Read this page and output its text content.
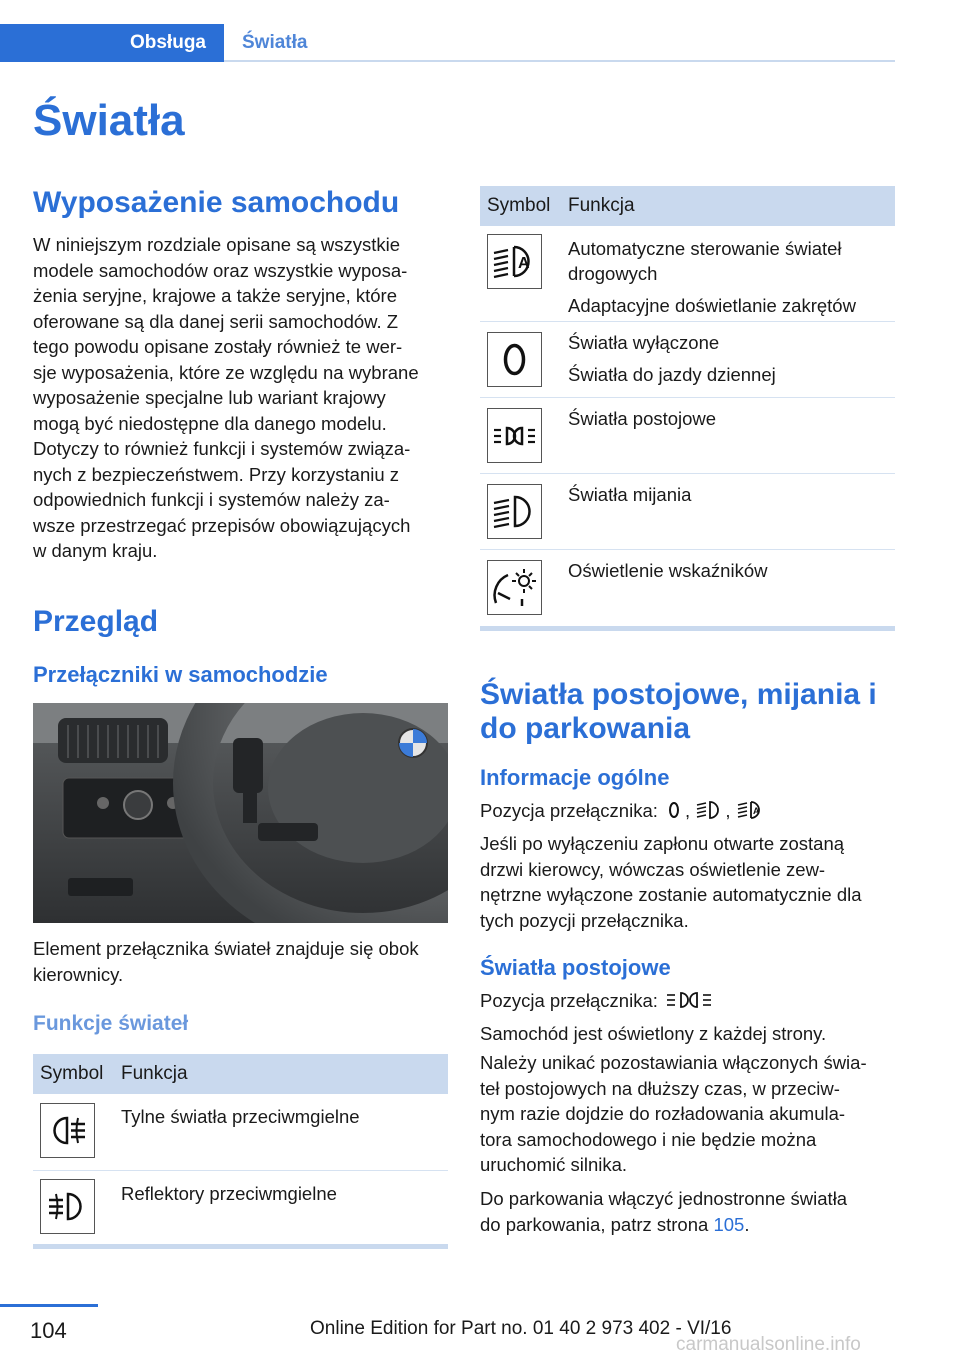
Obsługa Światła
Światła
Wyposażenie samochodu
W niniejszym rozdziale opisane są wszystkie
modele samochodów oraz wszystkie wyposa‐
żenia seryjne, krajowe a także seryjne, które
oferowane są dla danej serii samochodów. Z
tego powodu opisane zostały również te wer‐
sje wyposażenia, które ze względu na wybrane
wyposażenie specjalne lub wariant krajowy
mogą być niedostępne dla danego modelu.
Dotyczy to również funkcji i systemów związa‐
nych z bezpieczeństwem. Przy korzystaniu z
odpowiednich funkcji i systemów należy za‐
wsze przestrzegać przepisów obowiązujących
w danym kraju.
Przegląd
Przełączniki w samochodzie
Element przełącznika świateł znajduje się obok
kierownicy.
Funkcje świateł
Symbol Funkcja
Tylne światła przeciwmgielne
Reflektory przeciwmgielne
Symbol Funkcja
A
Automatyczne sterowanie świateł
drogowych
Adaptacyjne doświetlanie zakrętów
Światła wyłączone
Światła do jazdy dziennej
Światła postojowe
Światła mijania
Oświetlenie wskaźników
Światła postojowe, mijania i
do parkowania
Informacje ogólne
Pozycja przełącznika: , , A
Jeśli po wyłączeniu zapłonu otwarte zostaną
drzwi kierowcy, wówczas oświetlenie zew‐
nętrzne wyłączone zostanie automatycznie dla
tych pozycji przełącznika.
Światła postojowe
Pozycja przełącznika:
Samochód jest oświetlony z każdej strony.
Należy unikać pozostawiania włączonych świa‐
teł postojowych na dłuższy czas, w przeciw‐
nym razie dojdzie do rozładowania akumula‐
tora samochodowego i nie będzie można
uruchomić silnika.
Do parkowania włączyć jednostronne światła
do parkowania, patrz strona 105.
104	Online Edition for Part no. 01 40 2 973 402 - VI/16
carmanualsonline.info
